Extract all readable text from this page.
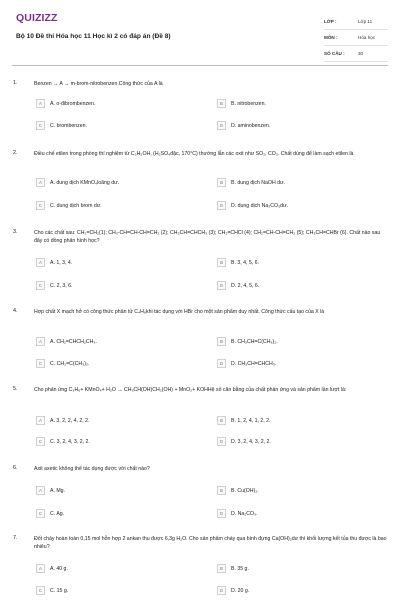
QUIZIZZ
Bộ 10 Đề thi Hóa học 11 Học kì 2 có đáp án (Đề 8)
LỚP :	Lớp 11
MÔN :	Hóa học
SỐ CÂU :	30
1.	Benzen → A → m-brom-nitrobenzen.Công thức của A là
A	A. o-đibrombenzen.	B	B. nitrobenzen.
C	C. brombenzen.	D	D. aminobenzen.
2.	Điều chế etilen trong phòng thí nghiệm từ C₂H₅OH, (H₂SO₄đặc, 170°C) thường lẫn các oxit như SO₂, CO₂. Chất dùng để làm sạch etilen là
A	A. dung dịch KMnO₄loãng dư.	B	B. dung dịch NaOH dư.
C	C. dung dịch brom dư.	D	D. dung dịch Na₂CO₃dư.
3.	Cho các chất sau: CH₂=CH₂(1); CH₃-CH=CH-CH=CH₂ (2); CH₃CH=CHCH₃ (3); CH₂=CHCl (4); CH₂=CH-CH=CH₂ (5); CH₃CH=CHBr (6). Chất nào sau đây có đồng phân hình học?
A	A. 1, 3, 4.	B	B. 3, 4, 5, 6.
C	C. 2, 3, 6.	D	D. 2, 4, 5, 6.
4.	Hợp chất X mạch hở có công thức phân tử C₄H₈khi tác dụng với HBr cho một sản phẩm duy nhất. Công thức cấu tạo của X là
A	A. CH₂=CHCH₂CH₃.	B	B. CH₃CH=C(CH₃)₂.
C	C. CH₂=C(CH₃)₂.	D	D. CH₃CH=CHCH₃.
5.	Cho phản ứng C₃H₆+ KMnO₄+ H₂O → CH₃CH(OH)CH₂(OH) + MnO₂+ KOHHệ số cân bằng của chất phản ứng và sản phẩm lần lượt là:
A	A. 3, 2, 2, 4, 2, 2.	B	B. 1, 2, 4, 1, 2, 2.
C	C. 3, 2, 4, 3, 2, 2.	D	D. 3, 2, 4, 3, 2, 2.
6.	Axit axetic không thể tác dụng được với chất nào?
A	A. Mg.	B	B. Cu(OH)₂.
C	C. Ag.	D	D. Na₂CO₃.
7.	Đốt cháy hoàn toàn 0,15 mol hỗn hợp 2 ankan thu được 6,3g H₂O. Cho sản phẩm cháy qua bình đựng Ca(OH)₂dư thì khối lượng kết tủa thu được là bao nhiêu?
A	A. 40 g.	B	B. 35 g.
C	C. 15 g.	D	D. 20 g.
